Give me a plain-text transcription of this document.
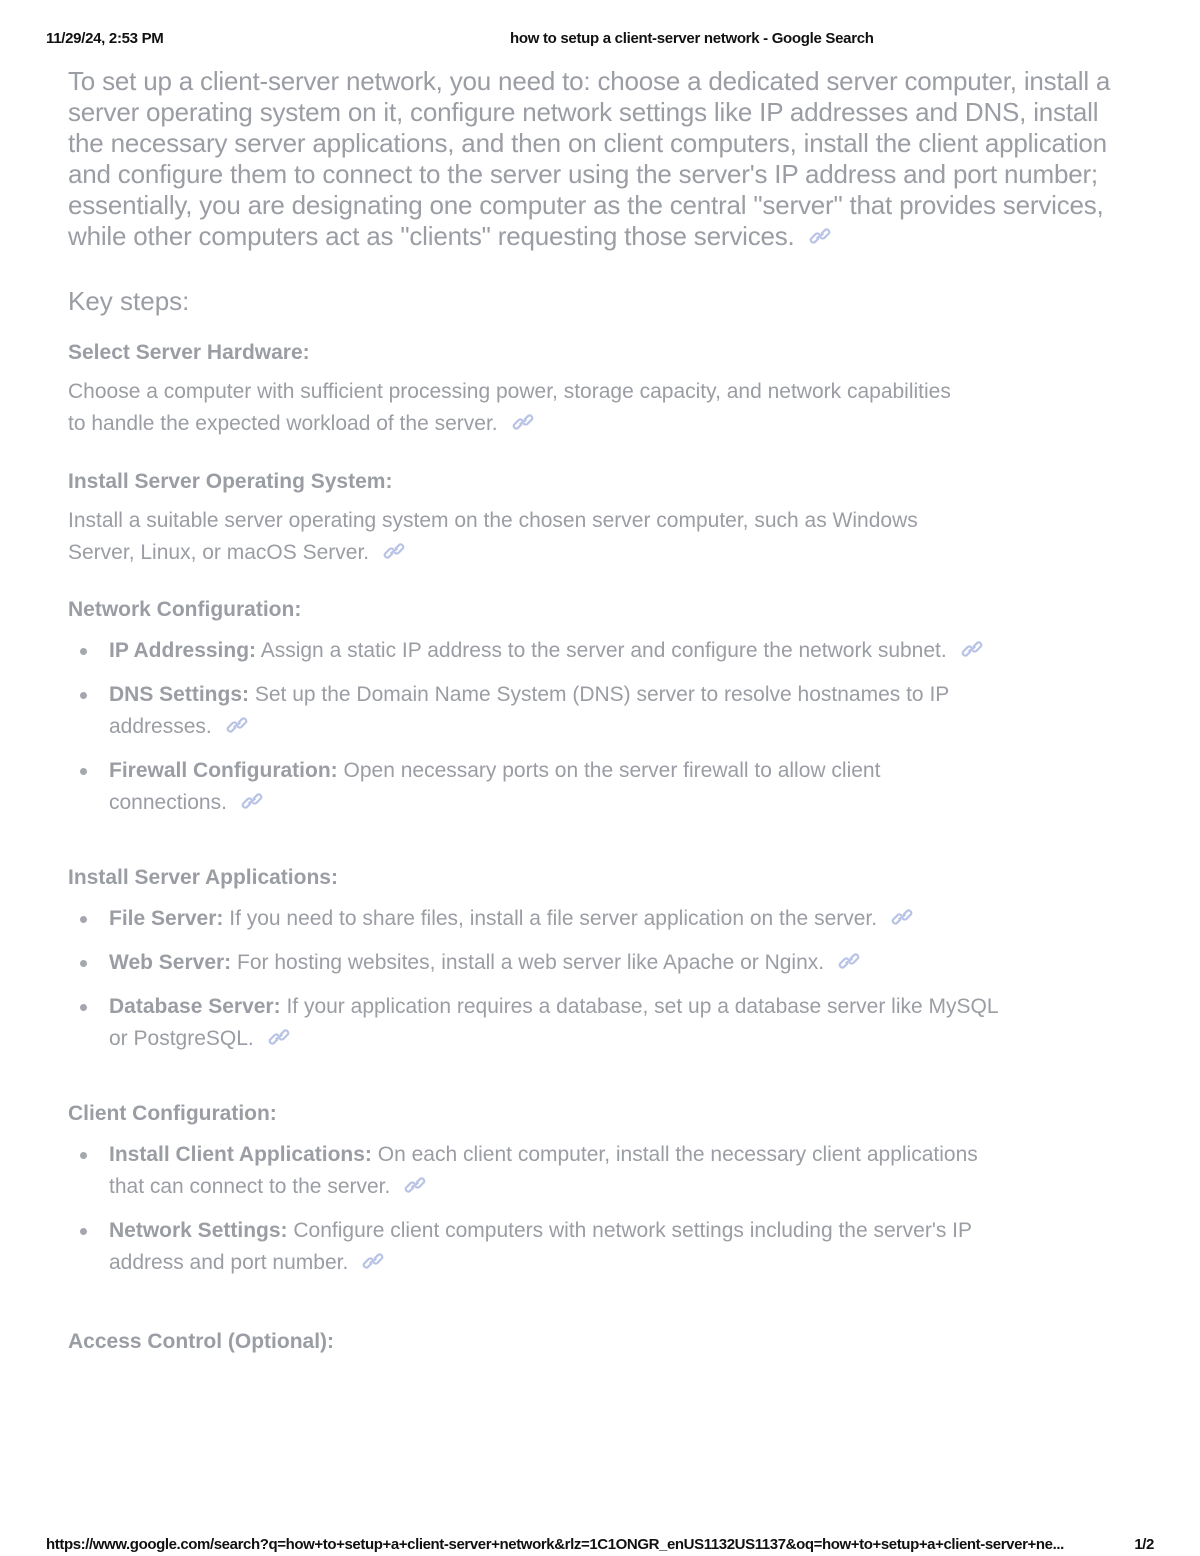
11/29/24, 2:53 PM	how to setup a client-server network - Google Search

To set up a client-server network, you need to: choose a dedicated server computer, install a server operating system on it, configure network settings like IP addresses and DNS, install the necessary server applications, and then on client computers, install the client application and configure them to connect to the server using the server's IP address and port number; essentially, you are designating one computer as the central "server" that provides services, while other computers act as "clients" requesting those services.

Key steps:

Select Server Hardware:

Choose a computer with sufficient processing power, storage capacity, and network capabilities to handle the expected workload of the server.

Install Server Operating System:

Install a suitable server operating system on the chosen server computer, such as Windows Server, Linux, or macOS Server.

Network Configuration:

IP Addressing: Assign a static IP address to the server and configure the network subnet.
DNS Settings: Set up the Domain Name System (DNS) server to resolve hostnames to IP addresses.
Firewall Configuration: Open necessary ports on the server firewall to allow client connections.

Install Server Applications:

File Server: If you need to share files, install a file server application on the server.
Web Server: For hosting websites, install a web server like Apache or Nginx.
Database Server: If your application requires a database, set up a database server like MySQL or PostgreSQL.

Client Configuration:

Install Client Applications: On each client computer, install the necessary client applications that can connect to the server.
Network Settings: Configure client computers with network settings including the server's IP address and port number.

Access Control (Optional):

https://www.google.com/search?q=how+to+setup+a+client-server+network&rlz=1C1ONGR_enUS1132US1137&oq=how+to+setup+a+client-server+ne...	1/2
